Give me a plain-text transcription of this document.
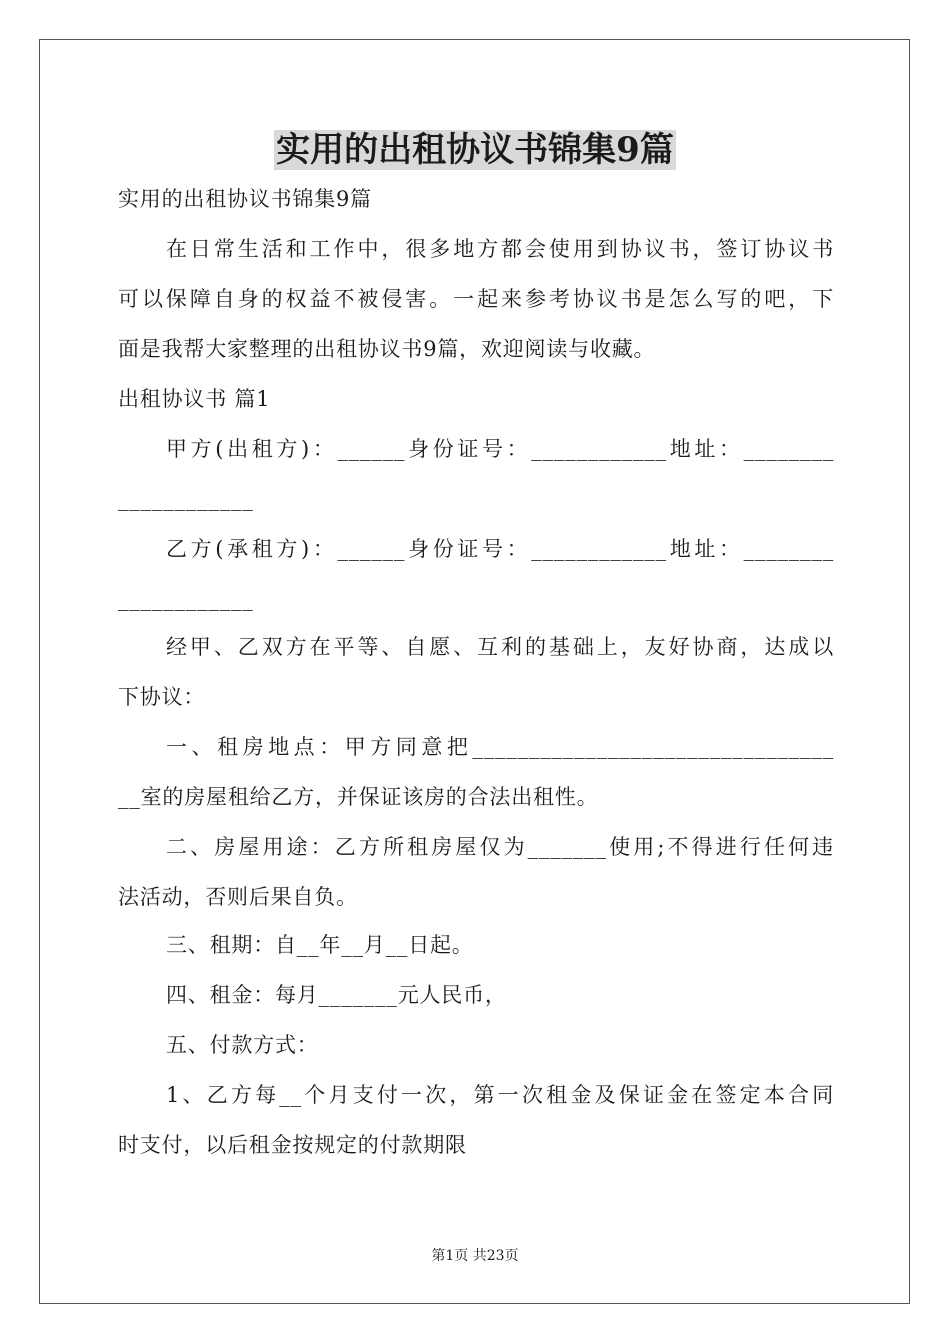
实用的出租协议书锦集9篇
实用的出租协议书锦集9篇
在日常生活和工作中，很多地方都会使用到协议书，签订协议书
可以保障自身的权益不被侵害。一起来参考协议书是怎么写的吧，下
面是我帮大家整理的出租协议书9篇，欢迎阅读与收藏。
出租协议书 篇1
甲方(出租方)：______身份证号：____________地址：________
____________
乙方(承租方)：______身份证号：____________地址：________
____________
经甲、乙双方在平等、自愿、互利的基础上，友好协商，达成以
下协议：
一、租房地点：甲方同意把________________________________
__室的房屋租给乙方，并保证该房的合法出租性。
二、房屋用途：乙方所租房屋仅为_______使用;不得进行任何违
法活动，否则后果自负。
三、租期：自__年__月__日起。
四、租金：每月_______元人民币，
五、付款方式：
1、乙方每__个月支付一次，第一次租金及保证金在签定本合同
时支付，以后租金按规定的付款期限
第1页 共23页
